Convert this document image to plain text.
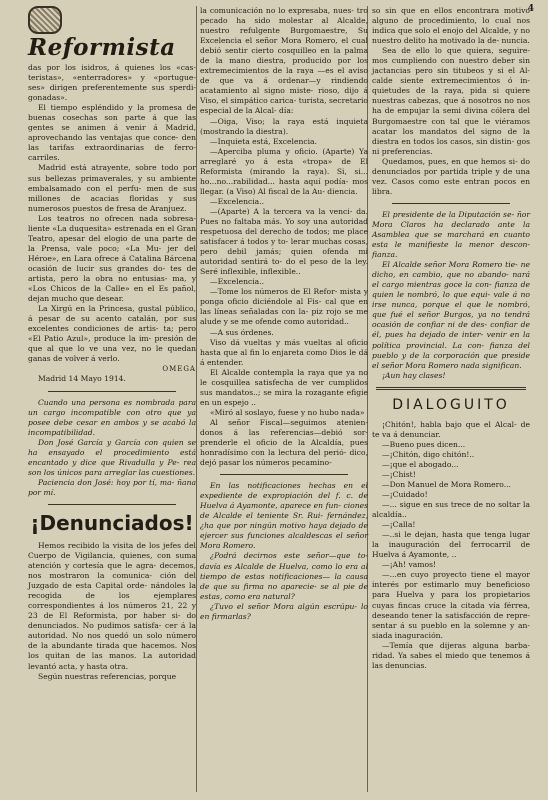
4

Reformista

das por los isidros, á quienes los «cas- teristas», «enterradores» y «portugue- ses» dirigen preferentemente sus sperdi- gonadas».

El tiempo espléndido y la promesa de buenas cosechas son parte á que las gentes se animen á venir á Madrid, aprovechando las ventajas que conce- den las tarifas extraordinarias de ferro- carriles.

Madrid está atrayente, sobre todo por sus bellezas primaverales, y su ambiente embalsamado con el perfu- men de sus millones de acacias floridas y sus numerosos puestos de fresa de Aranjuez.

Los teatros no ofrecen nada sobresa- liente «La duquesita» estrenada en el Gran Teatro, apesar del elogio de una parte de la Prensa, vale poco; «La Mu- jer del Héroe», en Lara ofrece á Catalina Bárcena ocasión de lucir sus grandes do- tes de artista, pero la obra no entusias- ma, y «Los Chicos de la Calle» en el Es pañol, dejan mucho que desear.

La Xirgú en la Princesa, gustal público, á pesar de su acento catalán, por sus excelentes condiciones de artis- ta; pero «El Patio Azul», produce la im- presión de que al que lo ve una vez, no le quedan ganas de volver á verlo.

OMEGA

Madrid 14 Mayo 1914.

Cuando una persona es nombrada para un cargo incompatible con otro que ya posee debe cesar en ambos y se acabó la incompatibilidad.

Don José García y García con quien se ha ensayado el procedimiento está encantado y dice que Rivadulla y Pe- rea son los únicos para arreglar las cuestiones.

Paciencia don José: hoy por tí, ma- ñana por mí.

¡Denunciados!

Hemos recibido la visita de los jefes del Cuerpo de Vigilancia, quienes, con suma atención y cortesía que le agra- decemos, nos mostraron la comunica- ción del Juzgado de esta Capital orde- nándoles la recogida de los ejemplares correspondientes á los números 21, 22 y 23 de El Reformista, por haber si- do denunciados. No pudimos satisfa- cer á la autoridad. No nos quedó un solo número de la abundante tirada que hacemos. Nos los quitan de las manos. La autoridad levantó acta, y hasta otra.

Según nuestras referencias, porque

la comunicación no lo expresaba, nues- tro pecado ha sido molestar al Alcalde, nuestro refulgente Burgomaestre, Su Excelencia el señor Mora Romero, el cual debió sentir cierto cosquilleo en la palma de la mano diestra, producido por los extremecimientos de la raya —es el aviso de que va á ordenar—y rindiendo acatamiento al signo miste- rioso, dijo á Viso, el simpático carica- turista, secretario especial de la Alcal- día:

—Oiga, Viso; la raya está inquieta (mostrando la diestra).

—Inquieta está, Excelencia.

—Aperciba pluma y oficio. (Aparte) Ya arreglaré yo á esta «tropa» de El Reformista (mirando la raya). Si, si... ho...no...rabilidad... hasta aquí podía- mos llegar. (a Viso) Al fiscal de la Au- diencia.

—Excelencia..

—(Aparte) A la tercera va la venci- da. Pues no faltaba más. Yo soy una autoridad respetuosa del derecho de todos; me place satisfacer á todos y to- lerar muchas cosas, pero debil jamás; quien ofenda mi autoridad sentirá to- do el peso de la ley. Seré inflexible, inflexible..

—Excelencia..

—Tome los números de El Refor- mista y ponga oficio diciéndole al Fis- cal que en las líneas señaladas con la- piz rojo se me alude y se me ofende como autoridad..

—A sus órdenes.

Viso dá vueltas y más vueltas al oficio hasta que al fin lo enjareta como Dios le dá á entender.

El Alcalde contempla la raya que ya no le cosquillea satisfecha de ver cumplidos sus mandatos..; se mira la rozagante efigie en un espejo ..

«Miró al soslayo, fuese y no hubo nada»

Al señor Fiscal—seguimos atenien- donos á las referencias—debió sor- prenderle el oficio de la Alcaldía, pues honradísimo con la lectura del perió- dico, dejó pasar los números pecamino-

En las notificaciones hechas en el expediente de expropiación del f. c. de Huelva á Ayamonte, aparece en fun- ciones de Alcalde el teniente Sr. Rui- fernández, ¿ha que por ningún motivo haya dejado de ejercer sus funciones alcaldescas el señor Mora Romero.

¿Podrá decirnos este señor—que to- davía es Alcalde de Huelva, como lo era al tiempo de estas notificaciones— la causa de que su firma no aparecie- se al pie de estas, como era natural?

¿Tuvo el señor Mora algún escrúpu- lo en firmarlas?

so sin que en ellos encontrara motivo alguno de procedimiento, lo cual nos indica que solo el enojo del Alcalde, y no nuestro delito ha motivado la de- nuncia.

Sea de ello lo que quiera, seguire- mos cumpliendo con nuestro deber sin jactancias pero sin titubeos y si el Al- calde siente extremecimientos ó in- quietudes de la raya, pida si quiere nuestras cabezas, que á nosotros no nos ha de empujar la semi divina cólera del Burgomaestre con tal que le viéramos acatar los mandatos del signo de la diestra en todos los casos, sin distin- gos ni preferencias.

Quedamos, pues, en que hemos si- do denunciados por partida triple y de una vez. Casos como este entran pocos en libra.

El presidente de la Diputación se- ñor Mora Claros ha declarado ante la Asamblea que se marchará en cuanto esta le manifieste la menor descon- fianza.

El Alcalde señor Mora Romero tie- ne dicho, en cambio, que no abando- nará el cargo mientras goce la con- fianza de quien le nombró, lo que equi- vale á no irse nunca, porque el que le nombró, que fué el señor Burgos, ya no tendrá ocasión de confiar ni de des- confiar de él, pues ha dejado de inter- venir en la política provincial. La con- fianza del pueblo y de la corporación que preside el señor Mora Romero nada significan.

¡Aun hay clases!

DIALOGUITO

¡Chitón!, habla bajo que el Alcal- de te va á denunciar.

—Bueno pues dicen...

—¡Chitón, digo chitón!..

—¡que el abogado...

—¡Chist!

—Don Manuel de Mora Romero...

—¡Cuidado!

—... sigue en sus trece de no soltar la alcaldía..

—¡Calla!

—..si le dejan, hasta que tenga lugar la inauguración del ferrocarril de Huelva á Ayamonte, ..

—¡Ah! vamos!

—...en cuyo proyecto tiene el mayor interés por estimarlo muy beneficioso para Huelva y para los propietarios cuyas fincas cruce la citada vía férrea, deseando tener la satisfacción de repre- sentar á su pueblo en la solemne y an- siada inaguración.

—Temía que dijeras alguna barba- ridad. Ya sabes el miedo que tenemos á las denuncias.
